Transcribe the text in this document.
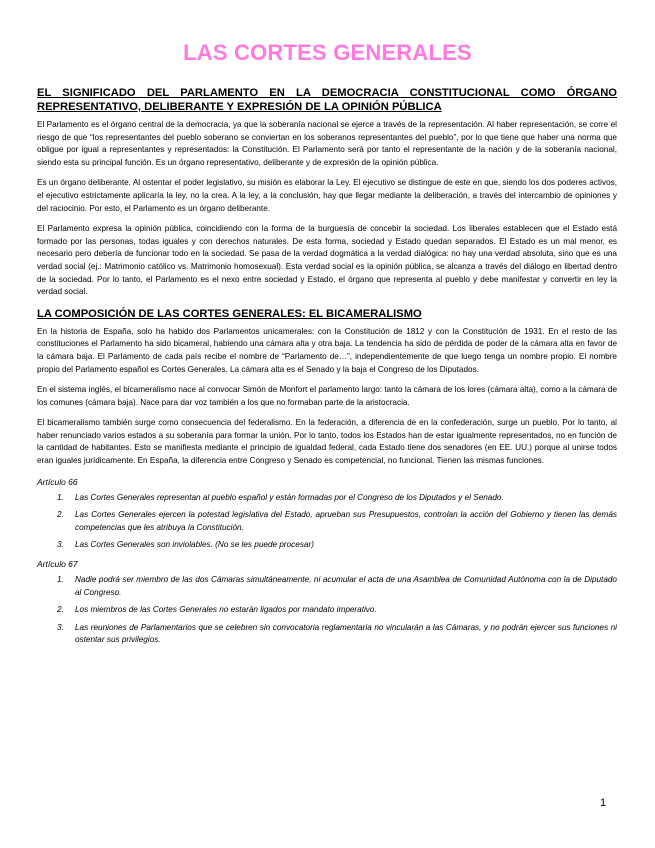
LAS CORTES GENERALES
EL SIGNIFICADO DEL PARLAMENTO EN LA DEMOCRACIA CONSTITUCIONAL COMO ÓRGANO REPRESENTATIVO, DELIBERANTE Y EXPRESIÓN DE LA OPINIÓN PÚBLICA

El Parlamento es el órgano central de la democracia, ya que la soberanía nacional se ejerce a través de la representación. Al haber representación, se corre el riesgo de que “los representantes del pueblo soberano se conviertan en los soberanos representantes del pueblo”, por lo que tiene que haber una norma que obligue por igual a representantes y representados: la Constitución. El Parlamento será por tanto el representante de la nación y de la soberanía nacional, siendo esta su principal función. Es un órgano representativo, deliberante y de expresión de la opinión pública.

Es un órgano deliberante. Al ostentar el poder legislativo, su misión es elaborar la Ley. El ejecutivo se distingue de este en que, siendo los dos poderes activos, el ejecutivo estrictamente aplicaría la ley, no la crea. A la ley, a la conclusión, hay que llegar mediante la deliberación, a través del intercambio de opiniones y del raciocinio. Por esto, el Parlamento es un órgano deliberante.

El Parlamento expresa la opinión pública, coincidiendo con la forma de la burguesía de concebir la sociedad. Los liberales establecen que el Estado está formado por las personas, todas iguales y con derechos naturales. De esta forma, sociedad y Estado quedan separados. El Estado es un mal menor, es necesario pero debería de funcionar todo en la sociedad. Se pasa de la verdad dogmática a la verdad dialógica: no hay una verdad absoluta, sino que es una verdad social (ej.: Matrimonio católico vs. Matrimonio homosexual). Esta verdad social es la opinión pública, se alcanza a través del diálogo en libertad dentro de la sociedad. Por lo tanto, el Parlamento es el nexo entre sociedad y Estado, el órgano que representa al pueblo y debe manifestar y convertir en ley la verdad social.

LA COMPOSICIÓN DE LAS CORTES GENERALES: EL BICAMERALISMO

En la historia de España, solo ha habido dos Parlamentos unicamerales: con la Constitución de 1812 y con la Constitución de 1931. En el resto de las constituciones el Parlamento ha sido bicameral, habiendo una cámara alta y otra baja. La tendencia ha sido de pérdida de poder de la cámara alta en favor de la cámara baja. El Parlamento de cada país recibe el nombre de “Parlamento de…”, independientemente de que luego tenga un nombre propio. El nombre propio del Parlamento español es Cortes Generales. La cámara alta es el Senado y la baja el Congreso de los Diputados.

En el sistema inglés, el bicameralismo nace al convocar Simón de Monfort el parlamento largo: tanto la cámara de los lores (cámara alta), como a la cámara de los comunes (cámara baja). Nace para dar voz también a los que no formaban parte de la aristocracia.

El bicameralismo también surge como consecuencia del federalismo. En la federación, a diferencia de en la confederación, surge un pueblo. Por lo tanto, al haber renunciado varios estados a su soberanía para formar la unión. Por lo tanto, todos los Estados han de estar igualmente representados, no en función de la cantidad de habitantes. Esto se manifiesta mediante el principio de igualdad federal, cada Estado tiene dos senadores (en EE. UU.) porque al unirse todos eran iguales jurídicamente. En España, la diferencia entre Congreso y Senado es competencial, no funcional. Tienen las mismas funciones.

Artículo 66
1. Las Cortes Generales representan al pueblo español y están formadas por el Congreso de los Diputados y el Senado.
2. Las Cortes Generales ejercen la potestad legislativa del Estado, aprueban sus Presupuestos, controlan la acción del Gobierno y tienen las demás competencias que les atribuya la Constitución.
3. Las Cortes Generales son inviolables. (No se les puede procesar)
Artículo 67
1. Nadie podrá ser miembro de las dos Cámaras simultáneamente, ni acumular el acta de una Asamblea de Comunidad Autónoma con la de Diputado al Congreso.
2. Los miembros de las Cortes Generales no estarán ligados por mandato imperativo.
3. Las reuniones de Parlamentarios que se celebren sin convocatoria reglamentaria no vincularán a las Cámaras, y no podrán ejercer sus funciones ni ostentar sus privilegios.
1
